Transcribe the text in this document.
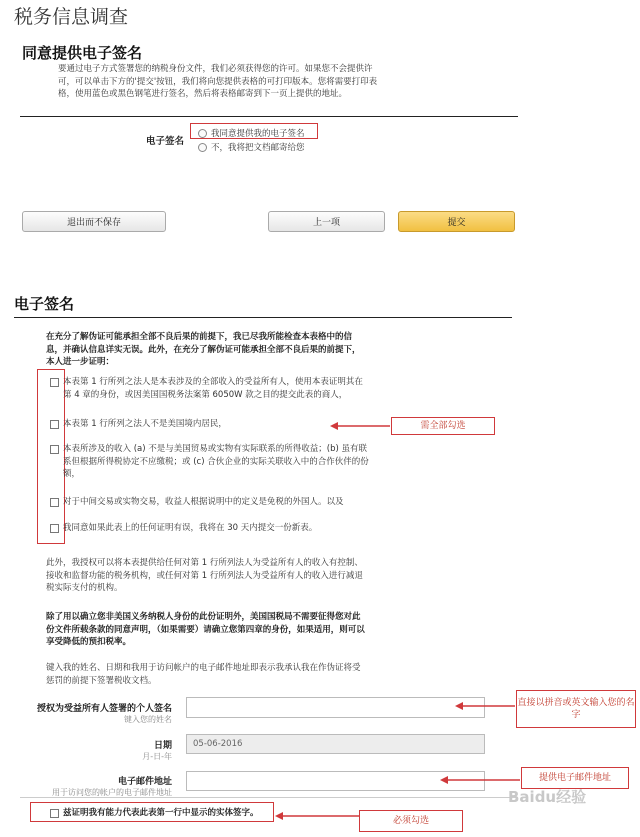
税务信息调查
同意提供电子签名
要通过电子方式签署您的纳税身份文件，我们必须获得您的许可。如果您不会提供许可，可以单击下方的'提交'按钮，我们将向您提供表格的可打印版本。您将需要打印表格，使用蓝色或黑色钢笔进行签名，然后将表格邮寄到下一页上提供的地址。
电子签名
我同意提供我的电子签名
不，我将把文档邮寄给您
退出而不保存	上一项	提交
电子签名
在充分了解伪证可能承担全部不良后果的前提下，我已尽我所能检查本表格中的信息，并确认信息详实无误。此外，在充分了解伪证可能承担全部不良后果的前提下，本人进一步证明：
本表第 1 行所列之法人是本表涉及的全部收入的受益所有人，使用本表证明其在第 4 章的身份，或因美国国税务法案第 6050W 款之目的提交此表的商人，
本表第 1 行所列之法人不是美国境内居民，
本表所涉及的收入 (a) 不是与美国贸易或实物有实际联系的所得收益；(b) 虽有联系但根据所得税协定不应缴税；或 (c) 合伙企业的实际关联收入中的合作伙伴的份额，
对于中间交易或实物交易，收益人根据说明中的定义是免税的外国人。以及
我同意如果此表上的任何证明有误，我将在 30 天内提交一份新表。
需全部勾选
此外，我授权可以将本表提供给任何对第 1 行所列法人为受益所有人的收入有控制、接收和监督功能的税务机构，或任何对第 1 行所列法人为受益所有人的收入进行减退税实际支付的机构。
除了用以确立您非美国义务纳税人身份的此份证明外，美国国税局不需要征得您对此份文件所载条款的同意声明，（如果需要）请确立您第四章的身份，如果适用，则可以享受降低的预扣税率。
键入我的姓名、日期和我用于访问帐户的电子邮件地址即表示我承认我在作伪证将受惩罚的前提下签署税收文档。
授权为受益所有人签署的个人签名
键入您的姓名
直接以拼音或英文输入您的名字
日期
月-日-年
05-06-2016
电子邮件地址
用于访问您的帐户的电子邮件地址
提供电子邮件地址
兹证明我有能力代表此表第一行中显示的实体签字。
必须勾选
Baidu经验
